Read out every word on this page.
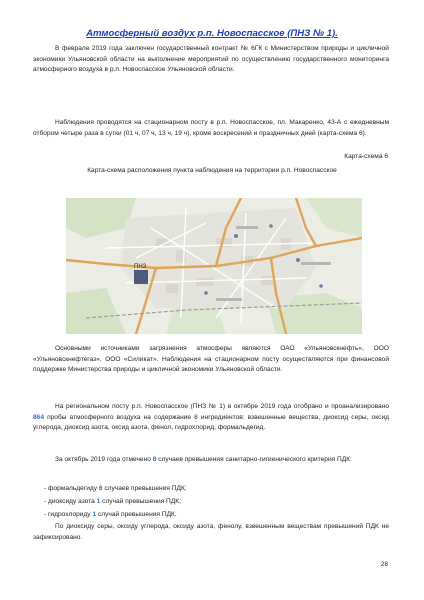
Атмосферный воздух р.п. Новоспасское (ПНЗ № 1).
В феврале 2019 года заключен государственный контракт № 6ГК с Министерством природы и цикличной экономики Ульяновской области на выполнение мероприятий по осуществлению государственного мониторинга атмосферного воздуха в р.п. Новоспасское Ульяновской области.
Наблюдения проводятся на стационарном посту в р.п. Новоспасское, пл. Макаренко, 43-А с ежедневным отбором четыре раза в сутки (01 ч, 07 ч, 13 ч, 19 ч), кроме воскресений и праздничных дней (карта-схема 6).
Карта-схема 6
Карта-схема расположения пункта наблюдения на территории р.п. Новоспасское
ПНЗ
Основными источниками загрязнения атмосферы являются ОАО «Ульяновскнефть», ООО «Ульяновскнефтегаз», ООО «Силикат». Наблюдения на стационарном посту осуществляются при финансовой поддержке Министерства природы и цикличной экономики Ульяновской области.
На региональном посту р.п. Новоспасское (ПНЗ № 1) в октябре 2019 года отобрано и проанализировано 864 пробы атмосферного воздуха на содержание 8 ингредиентов: взвешенные вещества, диоксид серы, оксид углерода, диоксид азота, оксид азота, фенол, гидрохлорид, формальдегид.
За октябрь 2019 года отмечено 8 случаев превышения санитарно-гигиенического критерия ПДК:
- формальдегиду 6 случаев превышения ПДК;
- диоксиду азота 1 случай превышения ПДК;
- гидрохлориду 1 случай превышения ПДК.
По диоксиду серы, оксиду углерода, оксиду азота, фенолу, взвешенным веществам превышений ПДК не зафиксировано.
28
